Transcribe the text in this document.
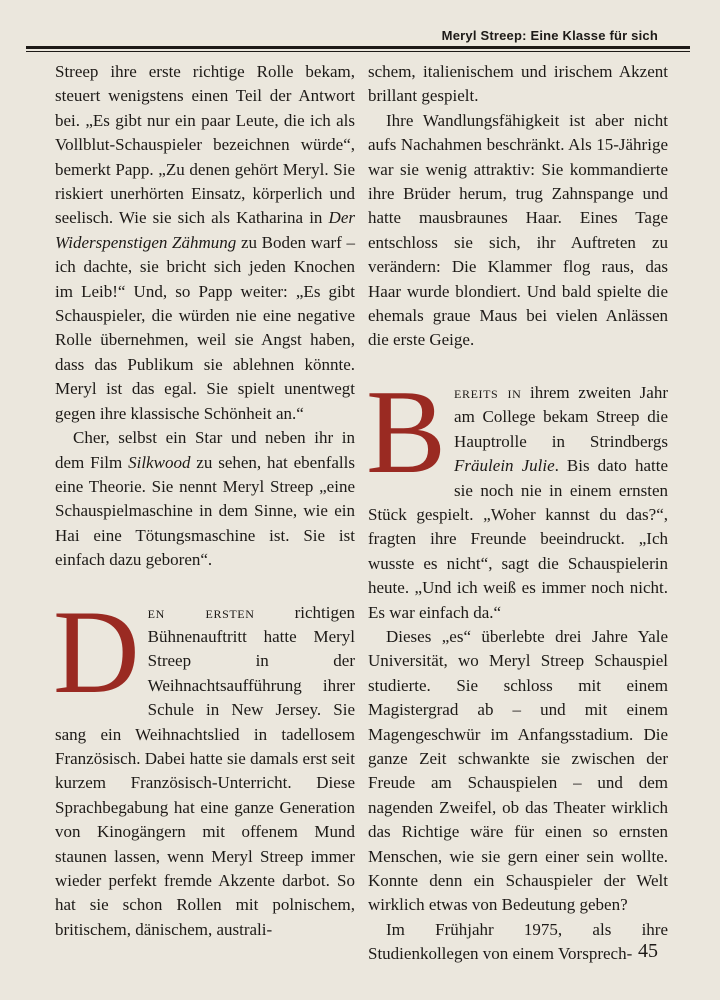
Meryl Streep: Eine Klasse für sich

Streep ihre erste richtige Rolle bekam, steuert wenigstens einen Teil der Antwort bei. „Es gibt nur ein paar Leute, die ich als Vollblut-Schauspieler bezeichnen würde“, bemerkt Papp. „Zu denen gehört Meryl. Sie riskiert unerhörten Einsatz, körperlich und seelisch. Wie sie sich als Katharina in Der Widerspenstigen Zähmung zu Boden warf – ich dachte, sie bricht sich jeden Knochen im Leib!“ Und, so Papp weiter: „Es gibt Schauspieler, die würden nie eine negative Rolle übernehmen, weil sie Angst haben, dass das Publikum sie ablehnen könnte. Meryl ist das egal. Sie spielt unentwegt gegen ihre klassische Schönheit an.“

Cher, selbst ein Star und neben ihr in dem Film Silkwood zu sehen, hat ebenfalls eine Theorie. Sie nennt Meryl Streep „eine Schauspielmaschine in dem Sinne, wie ein Hai eine Tötungsmaschine ist. Sie ist einfach dazu geboren“.

Den ersten richtigen Bühnenauftritt hatte Meryl Streep in der Weihnachtsaufführung ihrer Schule in New Jersey. Sie sang ein Weihnachtslied in tadellosem Französisch. Dabei hatte sie damals erst seit kurzem Französisch-Unterricht. Diese Sprachbegabung hat eine ganze Generation von Kinogängern mit offenem Mund staunen lassen, wenn Meryl Streep immer wieder perfekt fremde Akzente darbot. So hat sie schon Rollen mit polnischem, britischem, dänischem, australi-

schem, italienischem und irischem Akzent brillant gespielt.

Ihre Wandlungsfähigkeit ist aber nicht aufs Nachahmen beschränkt. Als 15-Jährige war sie wenig attraktiv: Sie kommandierte ihre Brüder herum, trug Zahnspange und hatte mausbraunes Haar. Eines Tage entschloss sie sich, ihr Auftreten zu verändern: Die Klammer flog raus, das Haar wurde blondiert. Und bald spielte die ehemals graue Maus bei vielen Anlässen die erste Geige.

Bereits in ihrem zweiten Jahr am College bekam Streep die Hauptrolle in Strindbergs Fräulein Julie. Bis dato hatte sie noch nie in einem ernsten Stück gespielt. „Woher kannst du das?“, fragten ihre Freunde beeindruckt. „Ich wusste es nicht“, sagt die Schauspielerin heute. „Und ich weiß es immer noch nicht. Es war einfach da.“

Dieses „es“ überlebte drei Jahre Yale Universität, wo Meryl Streep Schauspiel studierte. Sie schloss mit einem Magistergrad ab – und mit einem Magengeschwür im Anfangsstadium. Die ganze Zeit schwankte sie zwischen der Freude am Schauspielen – und dem nagenden Zweifel, ob das Theater wirklich das Richtige wäre für einen so ernsten Menschen, wie sie gern einer sein wollte. Konnte denn ein Schauspieler der Welt wirklich etwas von Bedeutung geben?

Im Frühjahr 1975, als ihre Studienkollegen von einem Vorsprech- 45
